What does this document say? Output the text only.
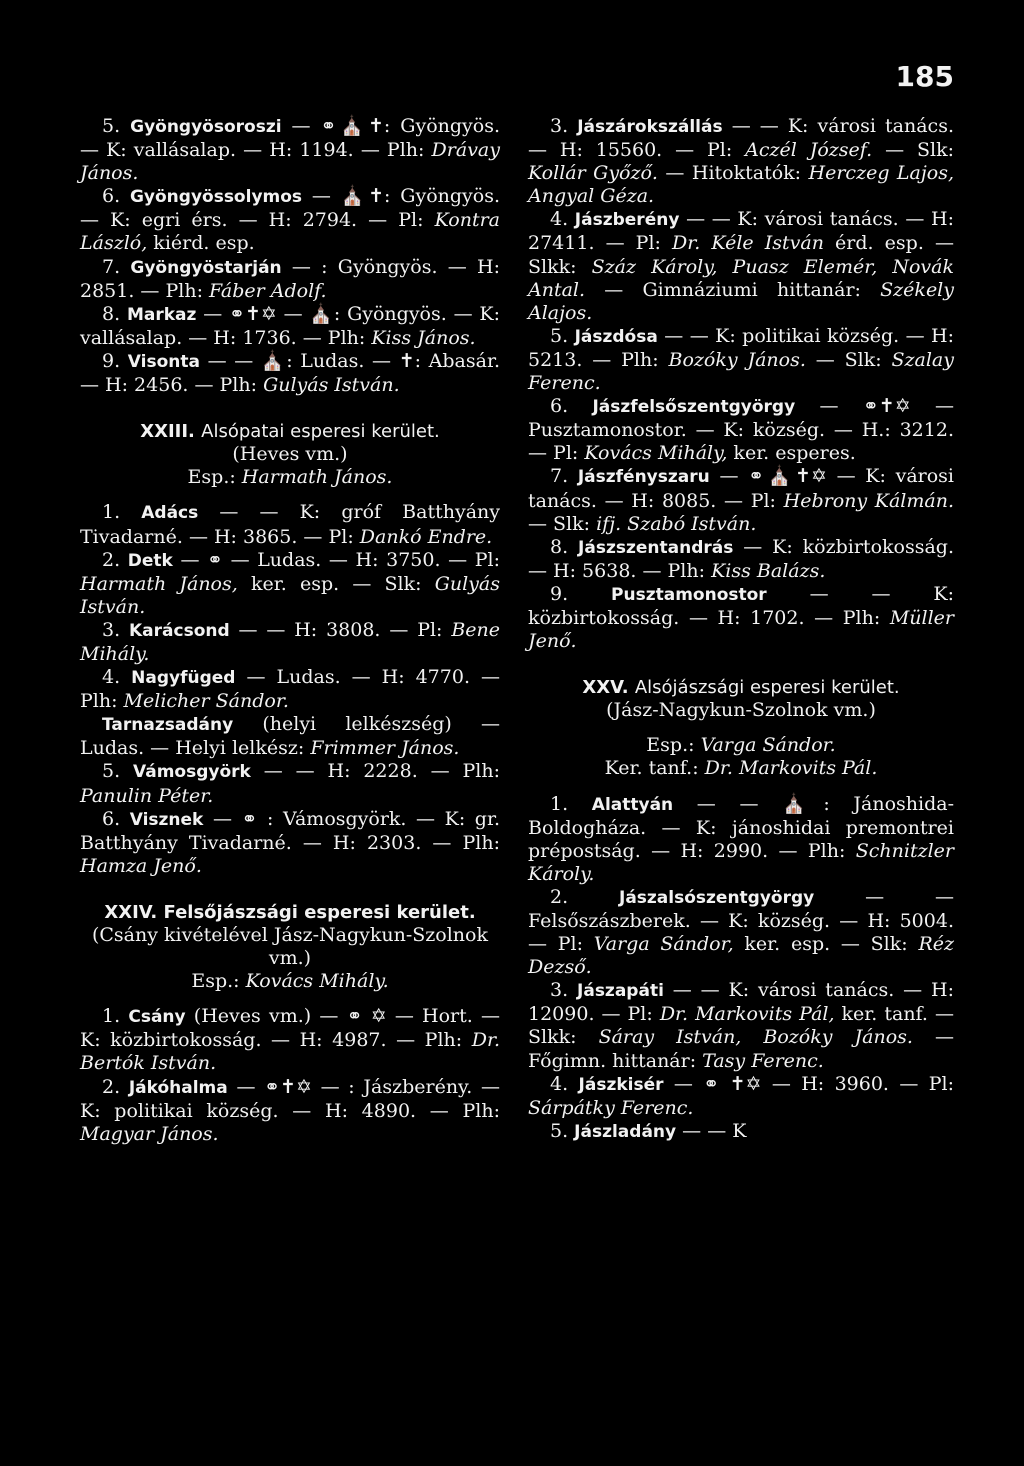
185

5. Gyöngyösoroszi — ⚭⛪✝: Gyöngyös. — K: vallásalap. — H: 1194. — Plh: Drávay János.

6. Gyöngyössolymos — ⛪✝: Gyöngyös. — K: egri érs. — H: 2794. — Pl: Kontra László, kiérd. esp.

7. Gyöngyöstarján — : Gyöngyös. — H: 2851. — Plh: Fáber Adolf.

8. Markaz — ⚭✝✡ — ⛪: Gyöngyös. — K: vallásalap. — H: 1736. — Plh: Kiss János.

9. Visonta — — ⛪: Ludas. — ✝: Abasár. — H: 2456. — Plh: Gulyás István.

XXIII. Alsópatai esperesi kerület.

(Heves vm.)

Esp.: Harmath János.

1. Adács — — K: gróf Batthyány Tivadarné. — H: 3865. — Pl: Dankó Endre.

2. Detk — ⚭ — Ludas. — H: 3750. — Pl: Harmath János, ker. esp. — Slk: Gulyás István.

3. Karácsond — — H: 3808. — Pl: Bene Mihály.

4. Nagyfüged — Ludas. — H: 4770. — Plh: Melicher Sándor.

Tarnazsadány (helyi lelkészség) — Ludas. — Helyi lelkész: Frimmer János.

5. Vámosgyörk — — H: 2228. — Plh: Panulin Péter.

6. Visznek — ⚭ : Vámosgyörk. — K: gr. Batthyány Tivadarné. — H: 2303. — Plh: Hamza Jenő.

XXIV. Felsőjászsági esperesi kerület.

(Csány kivételével Jász-Nagykun-Szolnok vm.)

Esp.: Kovács Mihály.

1. Csány (Heves vm.) — ⚭ ✡ — Hort. — K: közbirtokosság. — H: 4987. — Plh: Dr. Bertók István.

2. Jákóhalma — ⚭✝✡ — : Jászberény. — K: politikai község. — H: 4890. — Plh: Magyar János.

3. Jászárokszállás — — K: városi tanács. — H: 15560. — Pl: Aczél József. — Slk: Kollár Győző. — Hitoktatók: Herczeg Lajos, Angyal Géza.

4. Jászberény — — K: városi tanács. — H: 27411. — Pl: Dr. Kéle István érd. esp. — Slkk: Száz Károly, Puasz Elemér, Novák Antal. — Gimnáziumi hittanár: Székely Alajos.

5. Jászdósa — — K: politikai község. — H: 5213. — Plh: Bozóky János. — Slk: Szalay Ferenc.

6. Jászfelsőszentgyörgy — ⚭✝✡ — Pusztamonostor. — K: község. — H.: 3212. — Pl: Kovács Mihály, ker. esperes.

7. Jászfényszaru — ⚭⛪✝✡ — K: városi tanács. — H: 8085. — Pl: Hebrony Kálmán. — Slk: ifj. Szabó István.

8. Jászszentandrás — K: közbirtokosság. — H: 5638. — Plh: Kiss Balázs.

9. Pusztamonostor — — K: közbirtokosság. — H: 1702. — Plh: Müller Jenő.

XXV. Alsójászsági esperesi kerület.

(Jász-Nagykun-Szolnok vm.)

Esp.: Varga Sándor.

Ker. tanf.: Dr. Markovits Pál.

1. Alattyán — — ⛪: Jánoshida-Boldogháza. — K: jánoshidai premontrei prépostság. — H: 2990. — Plh: Schnitzler Károly.

2. Jászalsószentgyörgy — — Felsőszászberek. — K: község. — H: 5004. — Pl: Varga Sándor, ker. esp. — Slk: Réz Dezső.

3. Jászapáti — — K: városi tanács. — H: 12090. — Pl: Dr. Markovits Pál, ker. tanf. — Slkk: Sáray István, Bozóky János. — Főgimn. hittanár: Tasy Ferenc.

4. Jászkisér — ⚭ ✝✡ — H: 3960. — Pl: Sárpátky Ferenc.

5. Jászladány — — K
